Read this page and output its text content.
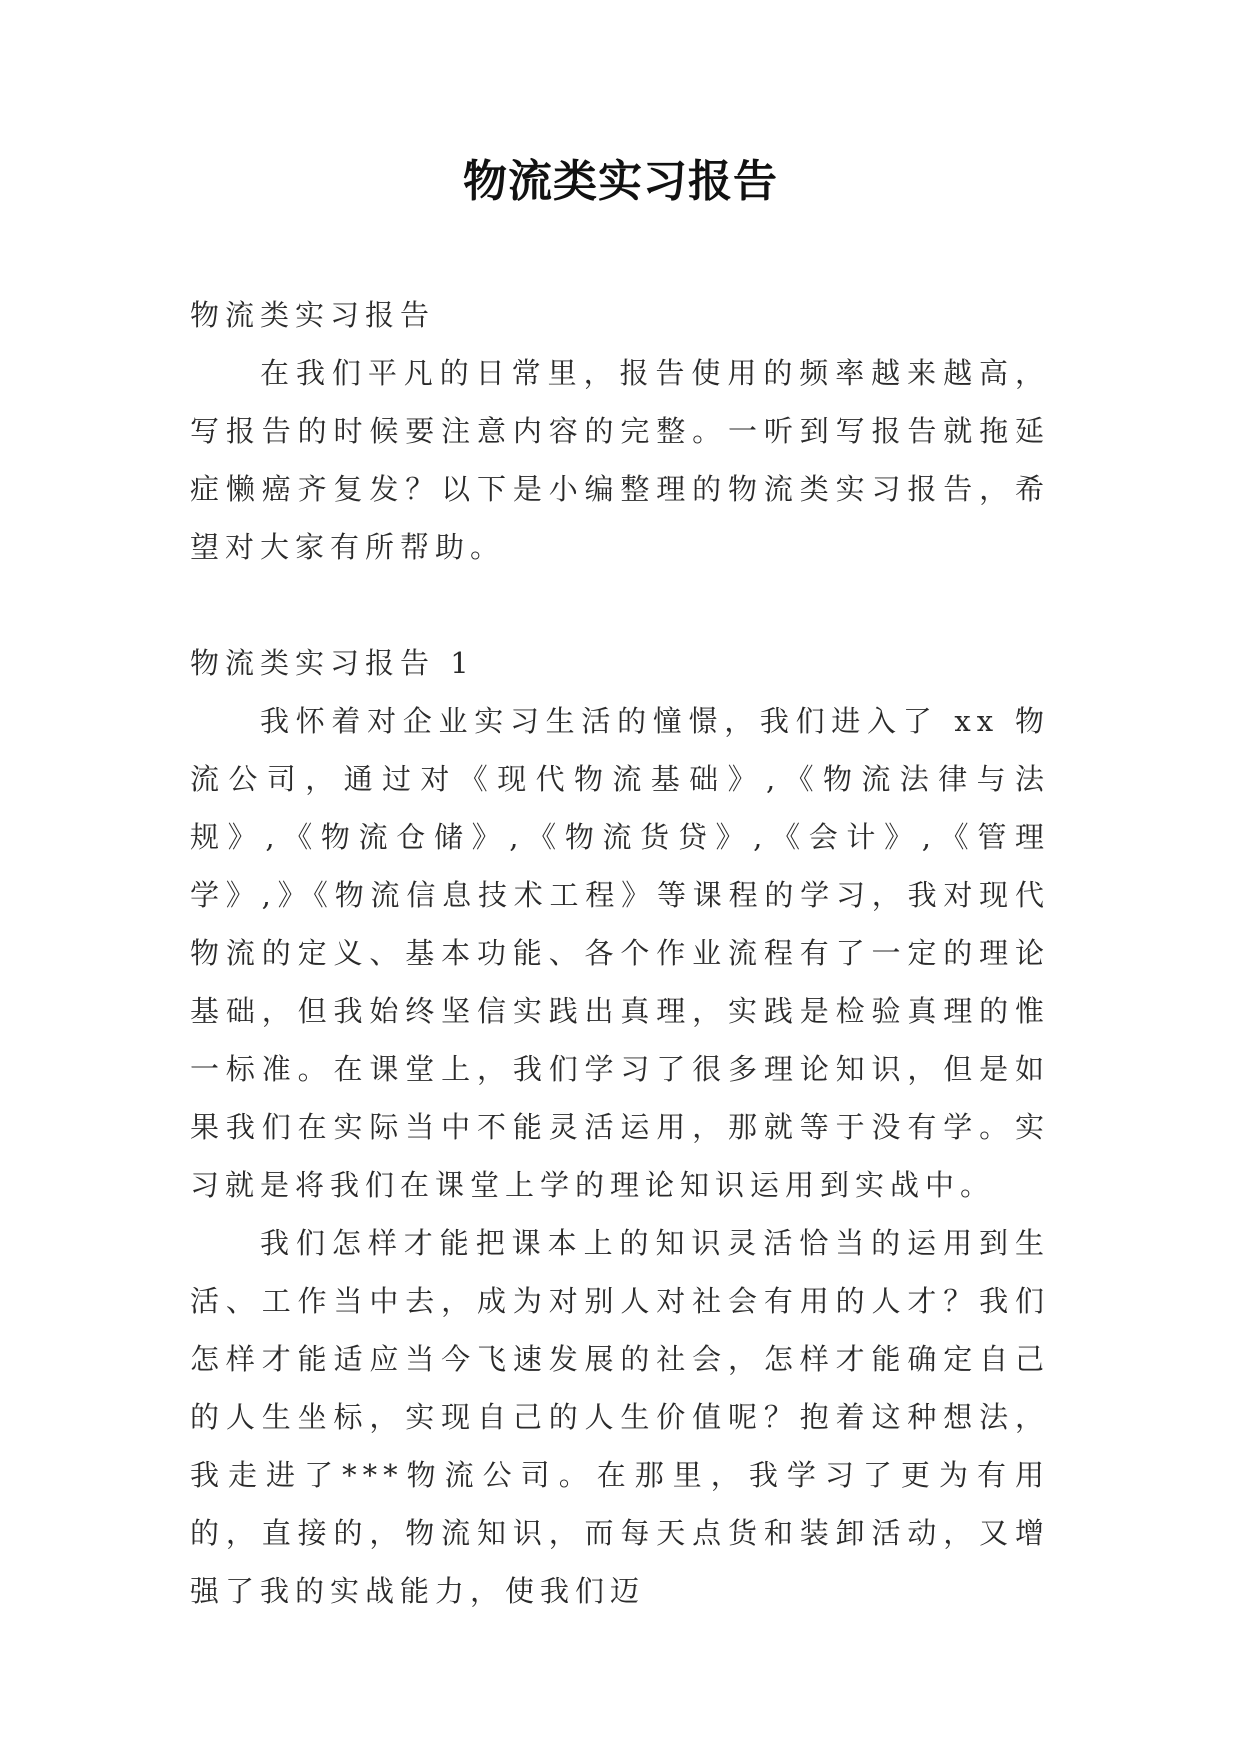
物流类实习报告

物流类实习报告

在我们平凡的日常里，报告使用的频率越来越高，写报告的时候要注意内容的完整。一听到写报告就拖延症懒癌齐复发？以下是小编整理的物流类实习报告，希望对大家有所帮助。

物流类实习报告 1

我怀着对企业实习生活的憧憬，我们进入了 xx 物流公司，通过对《现代物流基础》,《物流法律与法规》,《物流仓储》,《物流货贷》,《会计》,《管理学》,》《物流信息技术工程》等课程的学习，我对现代物流的定义、基本功能、各个作业流程有了一定的理论基础，但我始终坚信实践出真理，实践是检验真理的惟一标准。在课堂上，我们学习了很多理论知识，但是如果我们在实际当中不能灵活运用，那就等于没有学。实习就是将我们在课堂上学的理论知识运用到实战中。

我们怎样才能把课本上的知识灵活恰当的运用到生活、工作当中去，成为对别人对社会有用的人才？我们怎样才能适应当今飞速发展的社会，怎样才能确定自己的人生坐标，实现自己的人生价值呢？抱着这种想法，我走进了***物流公司。在那里，我学习了更为有用的，直接的，物流知识，而每天点货和装卸活动，又增强了我的实战能力，使我们迈
